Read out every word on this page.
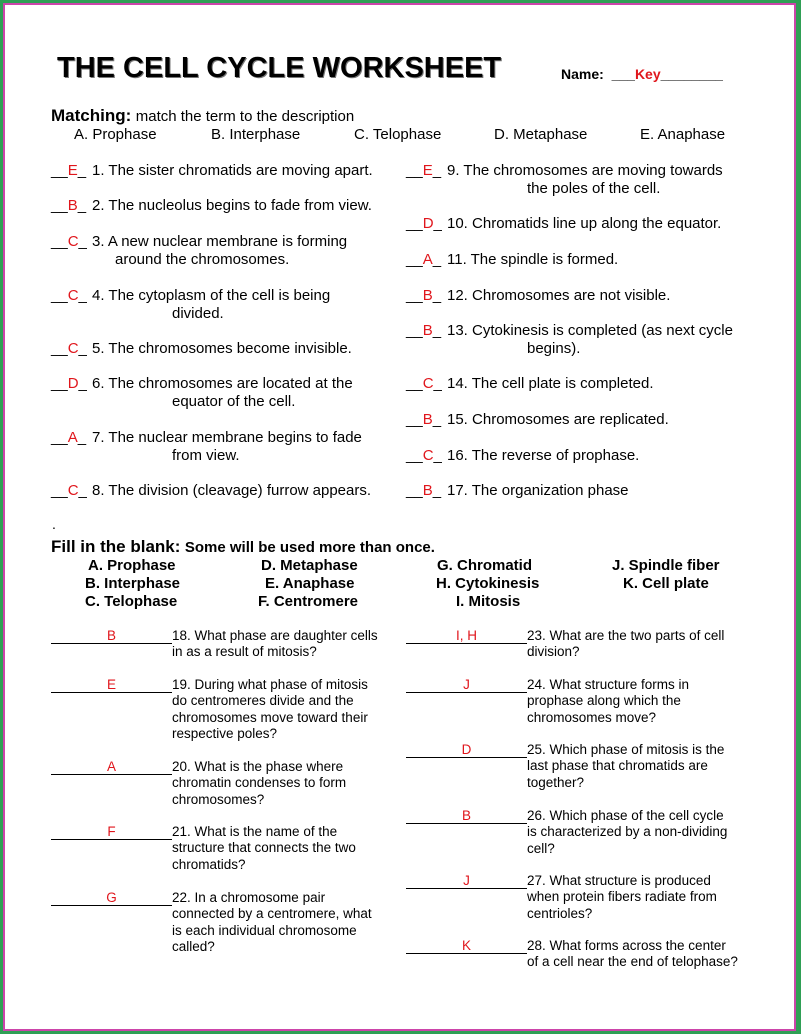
THE CELL CYCLE WORKSHEET	Name:  ___Key________
Matching: match the term to the description
A. Prophase	B. Interphase	C. Telophase	D. Metaphase	E. Anaphase
.
Fill in the blank: Some will be used more than once.
__E_ 1. The sister chromatids are moving apart.
__B_ 2. The nucleolus begins to fade from view.
__C_ 3. A new nuclear membrane is forming
around the chromosomes.
__C_ 4. The cytoplasm of the cell is being
divided.
__C_ 5. The chromosomes become invisible.
__D_ 6. The chromosomes are located at the
equator of the cell.
__A_ 7. The nuclear membrane begins to fade
from view.
__C_ 8. The division (cleavage) furrow appears.
__E_ 9. The chromosomes are moving towards
the poles of the cell.
__D_ 10. Chromatids line up along the equator.
__A_ 11. The spindle is formed.
__B_ 12. Chromosomes are not visible.
__B_ 13. Cytokinesis is completed (as next cycle
begins).
__C_ 14. The cell plate is completed.
__B_ 15. Chromosomes are replicated.
__C_ 16. The reverse of prophase.
__B_ 17. The organization phase
A. Prophase	D. Metaphase	G. Chromatid	J. Spindle fiber
B. Interphase	E. Anaphase	H. Cytokinesis	K. Cell plate
C. Telophase	F. Centromere	I. Mitosis
B	18. What phase are daughter cells
in as a result of mitosis?
E	19. During what phase of mitosis
do centromeres divide and the
chromosomes move toward their
respective poles?
A	20. What is the phase where
chromatin condenses to form
chromosomes?
F	21. What is the name of the
structure that connects the two
chromatids?
G	22. In a chromosome pair
connected by a centromere, what
is each individual chromosome
called?
I, H	23. What are the two parts of cell
division?
J	24. What structure forms in
prophase along which the
chromosomes move?
D	25. Which phase of mitosis is the
last phase that chromatids are
together?
B	26. Which phase of the cell cycle
is characterized by a non-dividing
cell?
J	27. What structure is produced
when protein fibers radiate from
centrioles?
K	28. What forms across the center
of a cell near the end of telophase?
